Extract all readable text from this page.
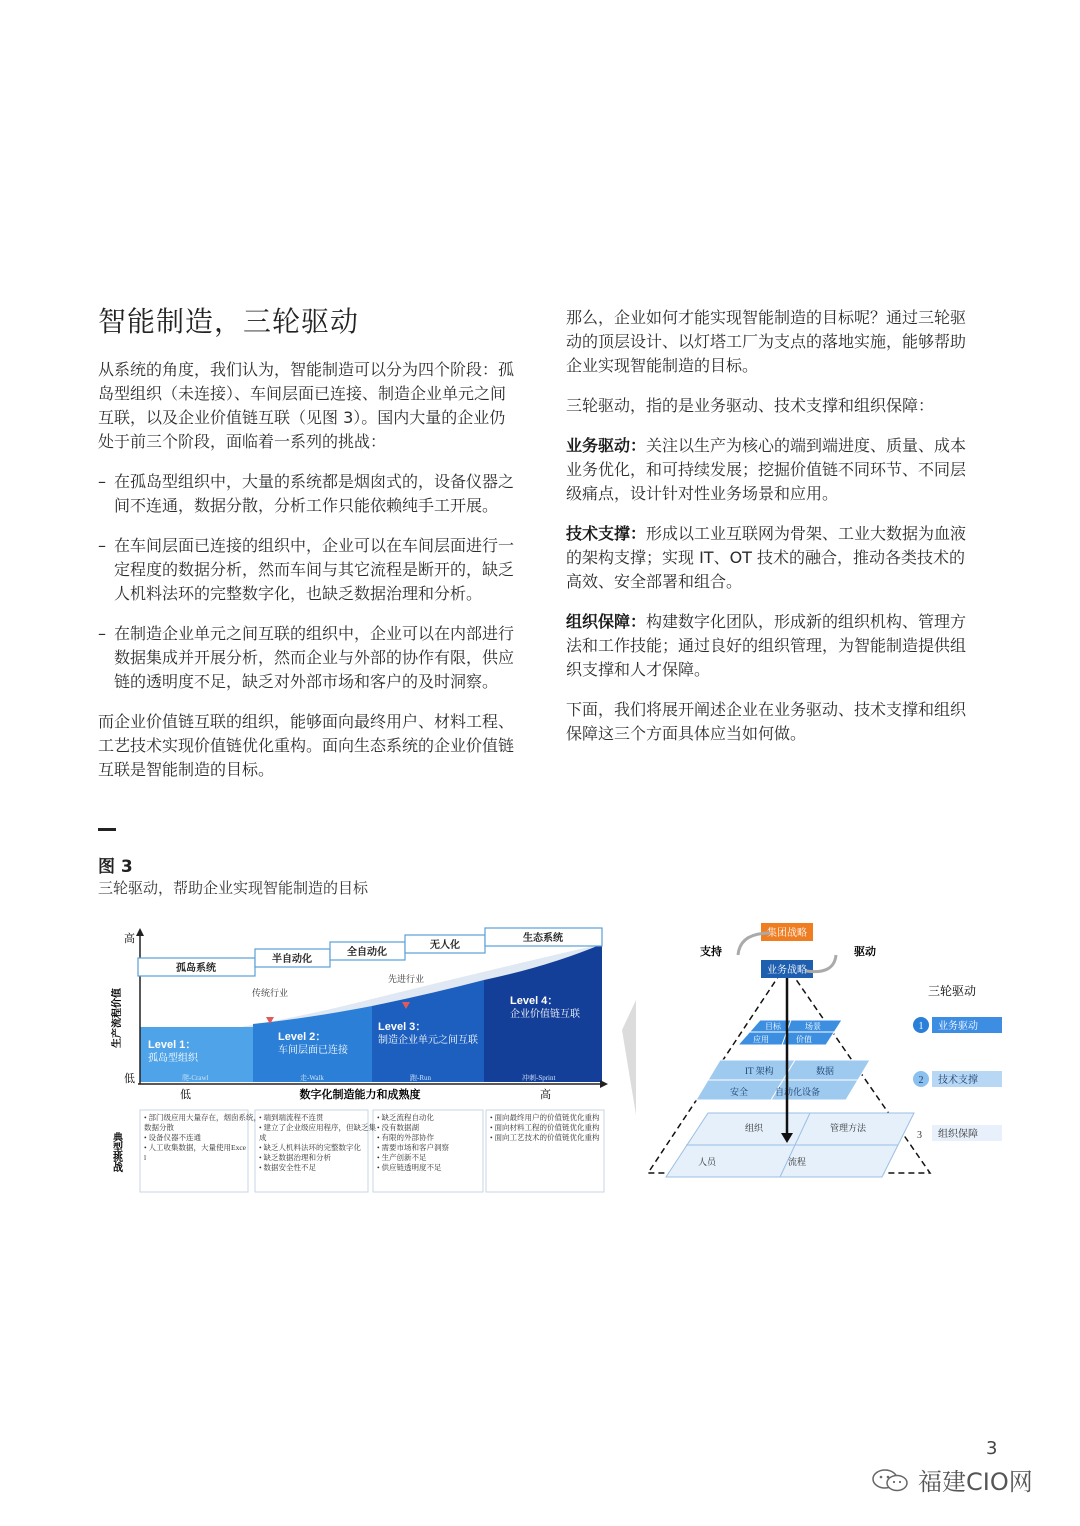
智能制造，三轮驱动

从系统的角度，我们认为，智能制造可以分为四个阶段：孤岛型组织（未连接）、车间层面已连接、制造企业单元之间互联，以及企业价值链互联（见图 3）。国内大量的企业仍处于前三个阶段，面临着一系列的挑战：

– 在孤岛型组织中，大量的系统都是烟囱式的，设备仪器之间不连通，数据分散，分析工作只能依赖纯手工开展。
– 在车间层面已连接的组织中，企业可以在车间层面进行一定程度的数据分析，然而车间与其它流程是断开的，缺乏人机料法环的完整数字化，也缺乏数据治理和分析。
– 在制造企业单元之间互联的组织中，企业可以在内部进行数据集成并开展分析，然而企业与外部的协作有限，供应链的透明度不足，缺乏对外部市场和客户的及时洞察。

而企业价值链互联的组织，能够面向最终用户、材料工程、工艺技术实现价值链优化重构。面向生态系统的企业价值链互联是智能制造的目标。

那么，企业如何才能实现智能制造的目标呢？通过三轮驱动的顶层设计、以灯塔工厂为支点的落地实施，能够帮助企业实现智能制造的目标。

三轮驱动，指的是业务驱动、技术支撑和组织保障：

业务驱动：关注以生产为核心的端到端进度、质量、成本业务优化，和可持续发展；挖掘价值链不同环节、不同层级痛点，设计针对性业务场景和应用。

技术支撑：形成以工业互联网为骨架、工业大数据为血液的架构支撑；实现 IT、OT 技术的融合，推动各类技术的高效、安全部署和组合。

组织保障：构建数字化团队，形成新的组织机构、管理方法和工作技能；通过良好的组织管理，为智能制造提供组织支撑和人才保障。

下面，我们将展开阐述企业在业务驱动、技术支撑和组织保障这三个方面具体应当如何做。

图 3
三轮驱动，帮助企业实现智能制造的目标
高
低
生产流程价值
低	高
数字化制造能力和成熟度
孤岛系统
半自动化
全自动化
无人化
生态系统
传统行业
先进行业
Level 1：
孤岛型组织
爬-Crawl
Level 2：
车间层面已连接
走-Walk
Level 3：
制造企业单元之间互联
跑-Run
Level 4：
企业价值链互联
冲刺-Sprint
典型挑战
• 部门级应用大量存在，烟囱系统，
数据分散
• 设备仪器不连通
• 人工收集数据，大量使用Exce
l
• 端到端流程不连贯
• 建立了企业级应用程序，但缺乏集
成
• 缺乏人机料法环的完整数字化
• 缺乏数据治理和分析
• 数据安全性不足
• 缺乏流程自动化
• 没有数据湖
• 有限的外部协作
• 需要市场和客户洞察
• 生产创新不足
• 供应链透明度不足
• 面向最终用户的价值链优化重构
• 面向材料工程的价值链优化重构
• 面向工艺技术的价值链优化重构
集团战略
业务战略
支持	驱动
目标	场景
应用	价值
IT 架构	数据
安全	自动化设备
组织	管理方法
人员	流程
三轮驱动
1 业务驱动
2 技术支撑
3 组织保障
3
福建CIO网
